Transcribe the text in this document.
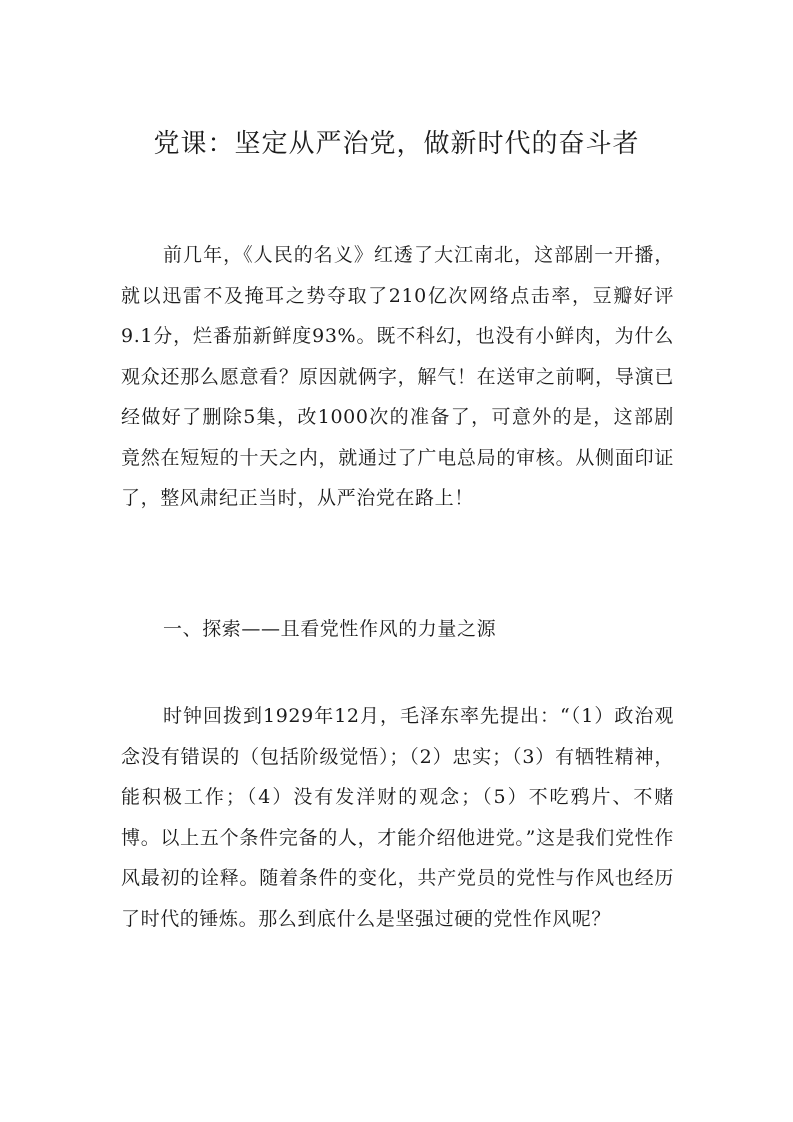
党课：坚定从严治党，做新时代的奋斗者

前几年，《人民的名义》红透了大江南北，这部剧一开播，就以迅雷不及掩耳之势夺取了210亿次网络点击率，豆瓣好评9.1分，烂番茄新鲜度93%。既不科幻，也没有小鲜肉，为什么观众还那么愿意看？原因就俩字，解气！在送审之前啊，导演已经做好了删除5集，改1000次的准备了，可意外的是，这部剧竟然在短短的十天之内，就通过了广电总局的审核。从侧面印证了，整风肃纪正当时，从严治党在路上！

一、探索——且看党性作风的力量之源

时钟回拨到1929年12月，毛泽东率先提出：“（1）政治观念没有错误的（包括阶级觉悟）；（2）忠实；（3）有牺牲精神，能积极工作；（4）没有发洋财的观念；（5）不吃鸦片、不赌博。以上五个条件完备的人，才能介绍他进党。”这是我们党性作风最初的诠释。随着条件的变化，共产党员的党性与作风也经历了时代的锤炼。那么到底什么是坚强过硬的党性作风呢？
